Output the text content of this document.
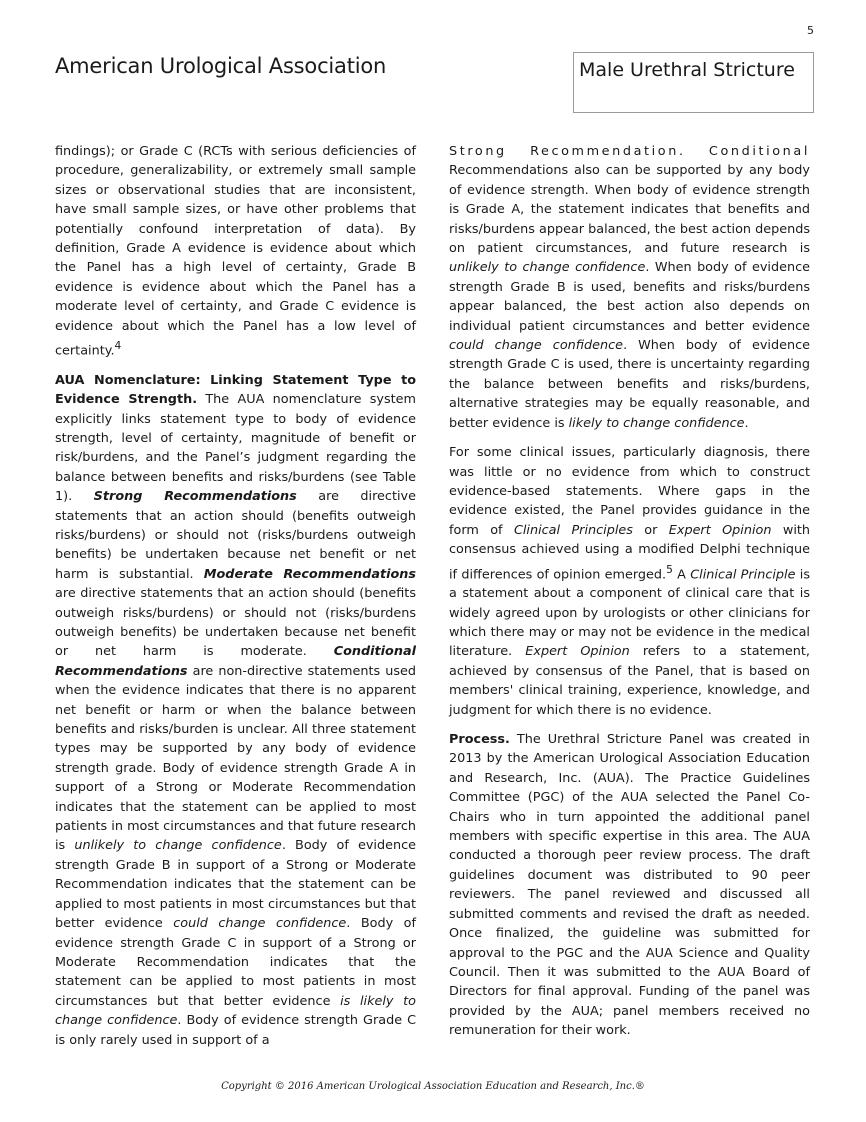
5
American Urological Association	Male Urethral Stricture

findings); or Grade C (RCTs with serious deficiencies of procedure, generalizability, or extremely small sample sizes or observational studies that are inconsistent, have small sample sizes, or have other problems that potentially confound interpretation of data). By definition, Grade A evidence is evidence about which the Panel has a high level of certainty, Grade B evidence is evidence about which the Panel has a moderate level of certainty, and Grade C evidence is evidence about which the Panel has a low level of certainty.$^4$

AUA Nomenclature: Linking Statement Type to Evidence Strength. The AUA nomenclature system explicitly links statement type to body of evidence strength, level of certainty, magnitude of benefit or risk/burdens, and the Panel’s judgment regarding the balance between benefits and risks/burdens (see Table 1). Strong Recommendations are directive statements that an action should (benefits outweigh risks/burdens) or should not (risks/burdens outweigh benefits) be undertaken because net benefit or net harm is substantial. Moderate Recommendations are directive statements that an action should (benefits outweigh risks/burdens) or should not (risks/burdens outweigh benefits) be undertaken because net benefit or net harm is moderate. Conditional Recommendations are non-directive statements used when the evidence indicates that there is no apparent net benefit or harm or when the balance between benefits and risks/burden is unclear. All three statement types may be supported by any body of evidence strength grade. Body of evidence strength Grade A in support of a Strong or Moderate Recommendation indicates that the statement can be applied to most patients in most circumstances and that future research is unlikely to change confidence. Body of evidence strength Grade B in support of a Strong or Moderate Recommendation indicates that the statement can be applied to most patients in most circumstances but that better evidence could change confidence. Body of evidence strength Grade C in support of a Strong or Moderate Recommendation indicates that the statement can be applied to most patients in most circumstances but that better evidence is likely to change confidence. Body of evidence strength Grade C is only rarely used in support of a

Strong Recommendation. Conditional Recommendations also can be supported by any body of evidence strength. When body of evidence strength is Grade A, the statement indicates that benefits and risks/burdens appear balanced, the best action depends on patient circumstances, and future research is unlikely to change confidence. When body of evidence strength Grade B is used, benefits and risks/burdens appear balanced, the best action also depends on individual patient circumstances and better evidence could change confidence. When body of evidence strength Grade C is used, there is uncertainty regarding the balance between benefits and risks/burdens, alternative strategies may be equally reasonable, and better evidence is likely to change confidence.

For some clinical issues, particularly diagnosis, there was little or no evidence from which to construct evidence-based statements. Where gaps in the evidence existed, the Panel provides guidance in the form of Clinical Principles or Expert Opinion with consensus achieved using a modified Delphi technique if differences of opinion emerged.$^5$ A Clinical Principle is a statement about a component of clinical care that is widely agreed upon by urologists or other clinicians for which there may or may not be evidence in the medical literature. Expert Opinion refers to a statement, achieved by consensus of the Panel, that is based on members' clinical training, experience, knowledge, and judgment for which there is no evidence.

Process. The Urethral Stricture Panel was created in 2013 by the American Urological Association Education and Research, Inc. (AUA). The Practice Guidelines Committee (PGC) of the AUA selected the Panel Co-Chairs who in turn appointed the additional panel members with specific expertise in this area. The AUA conducted a thorough peer review process. The draft guidelines document was distributed to 90 peer reviewers. The panel reviewed and discussed all submitted comments and revised the draft as needed. Once finalized, the guideline was submitted for approval to the PGC and the AUA Science and Quality Council. Then it was submitted to the AUA Board of Directors for final approval. Funding of the panel was provided by the AUA; panel members received no remuneration for their work.

Copyright © 2016 American Urological Association Education and Research, Inc.®
